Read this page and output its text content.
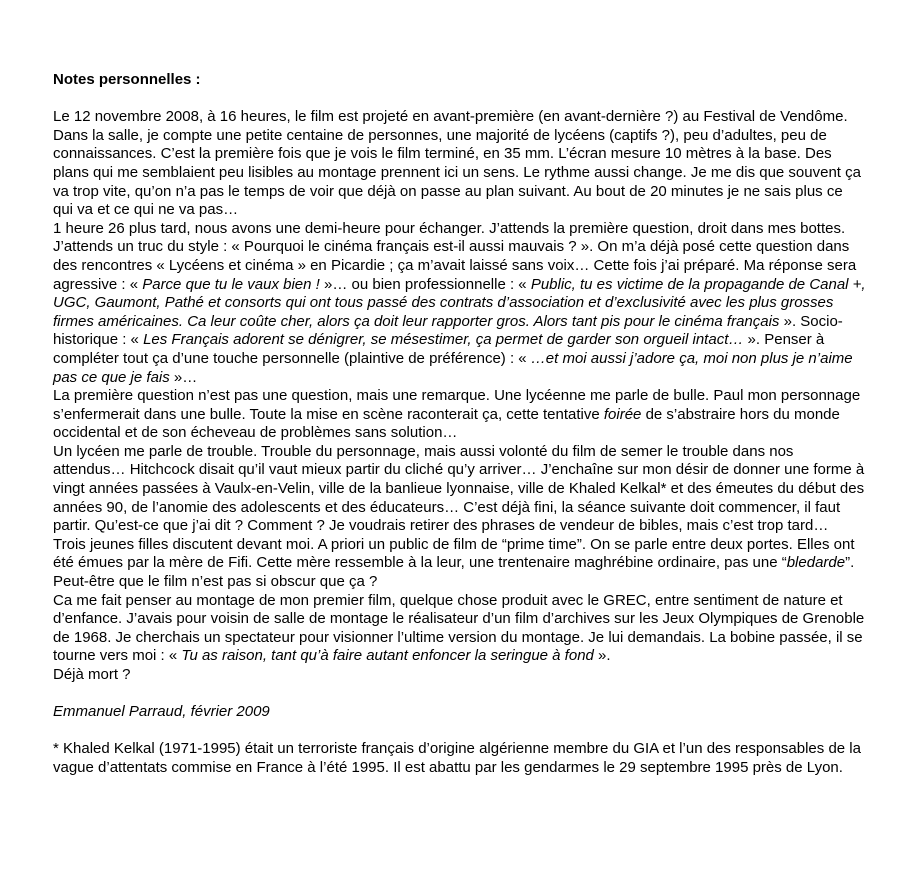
Notes personnelles :

Le 12 novembre 2008, à 16 heures, le film est projeté en avant-première (en avant-dernière ?) au Festival de Vendôme. Dans la salle, je compte une petite centaine de personnes, une majorité de lycéens (captifs ?), peu d’adultes, peu de connaissances. C’est la première fois que je vois le film terminé, en 35 mm. L’écran mesure 10 mètres à la base. Des plans qui me semblaient peu lisibles au montage prennent ici un sens. Le rythme aussi change. Je me dis que souvent ça va trop vite, qu’on n’a pas le temps de voir que déjà on passe au plan suivant. Au bout de 20 minutes je ne sais plus ce qui va et ce qui ne va pas…

1 heure 26 plus tard, nous avons une demi-heure pour échanger. J’attends la première question, droit dans mes bottes. J’attends un truc du style : « Pourquoi le cinéma français est-il aussi mauvais ? ». On m’a déjà posé cette question dans des rencontres « Lycéens et cinéma » en Picardie ; ça m’avait laissé sans voix… Cette fois j’ai préparé. Ma réponse sera agressive : « Parce que tu le vaux bien ! »… ou bien professionnelle : « Public, tu es victime de la propagande de Canal +, UGC, Gaumont, Pathé et consorts qui ont tous passé des contrats d’association et d’exclusivité avec les plus grosses firmes américaines. Ca leur coûte cher, alors ça doit leur rapporter gros. Alors tant pis pour le cinéma français ». Socio-historique : « Les Français adorent se dénigrer, se mésestimer, ça permet de garder son orgueil intact… ». Penser à compléter tout ça d’une touche personnelle (plaintive de préférence) : « …et moi aussi j’adore ça, moi non plus je n’aime pas ce que je fais »…

La première question n’est pas une question, mais une remarque. Une lycéenne me parle de bulle. Paul mon personnage s’enfermerait dans une bulle. Toute la mise en scène raconterait ça, cette tentative foirée de s’abstraire hors du monde occidental et de son écheveau de problèmes sans solution…

Un lycéen me parle de trouble. Trouble du personnage, mais aussi volonté du film de semer le trouble dans nos attendus… Hitchcock disait qu’il vaut mieux partir du cliché qu’y arriver… J’enchaîne sur mon désir de donner une forme à vingt années passées à Vaulx-en-Velin, ville de la banlieue lyonnaise, ville de Khaled Kelkal* et des émeutes du début des années 90, de l’anomie des adolescents et des éducateurs… C’est déjà fini, la séance suivante doit commencer, il faut partir. Qu’est-ce que j’ai dit ? Comment ? Je voudrais retirer des phrases de vendeur de bibles, mais c’est trop tard…

Trois jeunes filles discutent devant moi. A priori un public de film de “prime time”. On se parle entre deux portes. Elles ont été émues par la mère de Fifi. Cette mère ressemble à la leur, une trentenaire maghrébine ordinaire, pas une “bledarde”.

Peut-être que le film n’est pas si obscur que ça ?

Ca me fait penser au montage de mon premier film, quelque chose produit avec le GREC, entre sentiment de nature et d’enfance. J’avais pour voisin de salle de montage le réalisateur d’un film d’archives sur les Jeux Olympiques de Grenoble de 1968. Je cherchais un spectateur pour visionner l’ultime version du montage. Je lui demandais. La bobine passée, il se tourne vers moi : « Tu as raison, tant qu’à faire autant enfoncer la seringue à fond ».

Déjà mort ?

Emmanuel Parraud, février 2009

* Khaled Kelkal (1971-1995) était un terroriste français d’origine algérienne membre du GIA et l’un des responsables de la vague d’attentats commise en France à l’été 1995. Il est abattu par les gendarmes le 29 septembre 1995 près de Lyon.
